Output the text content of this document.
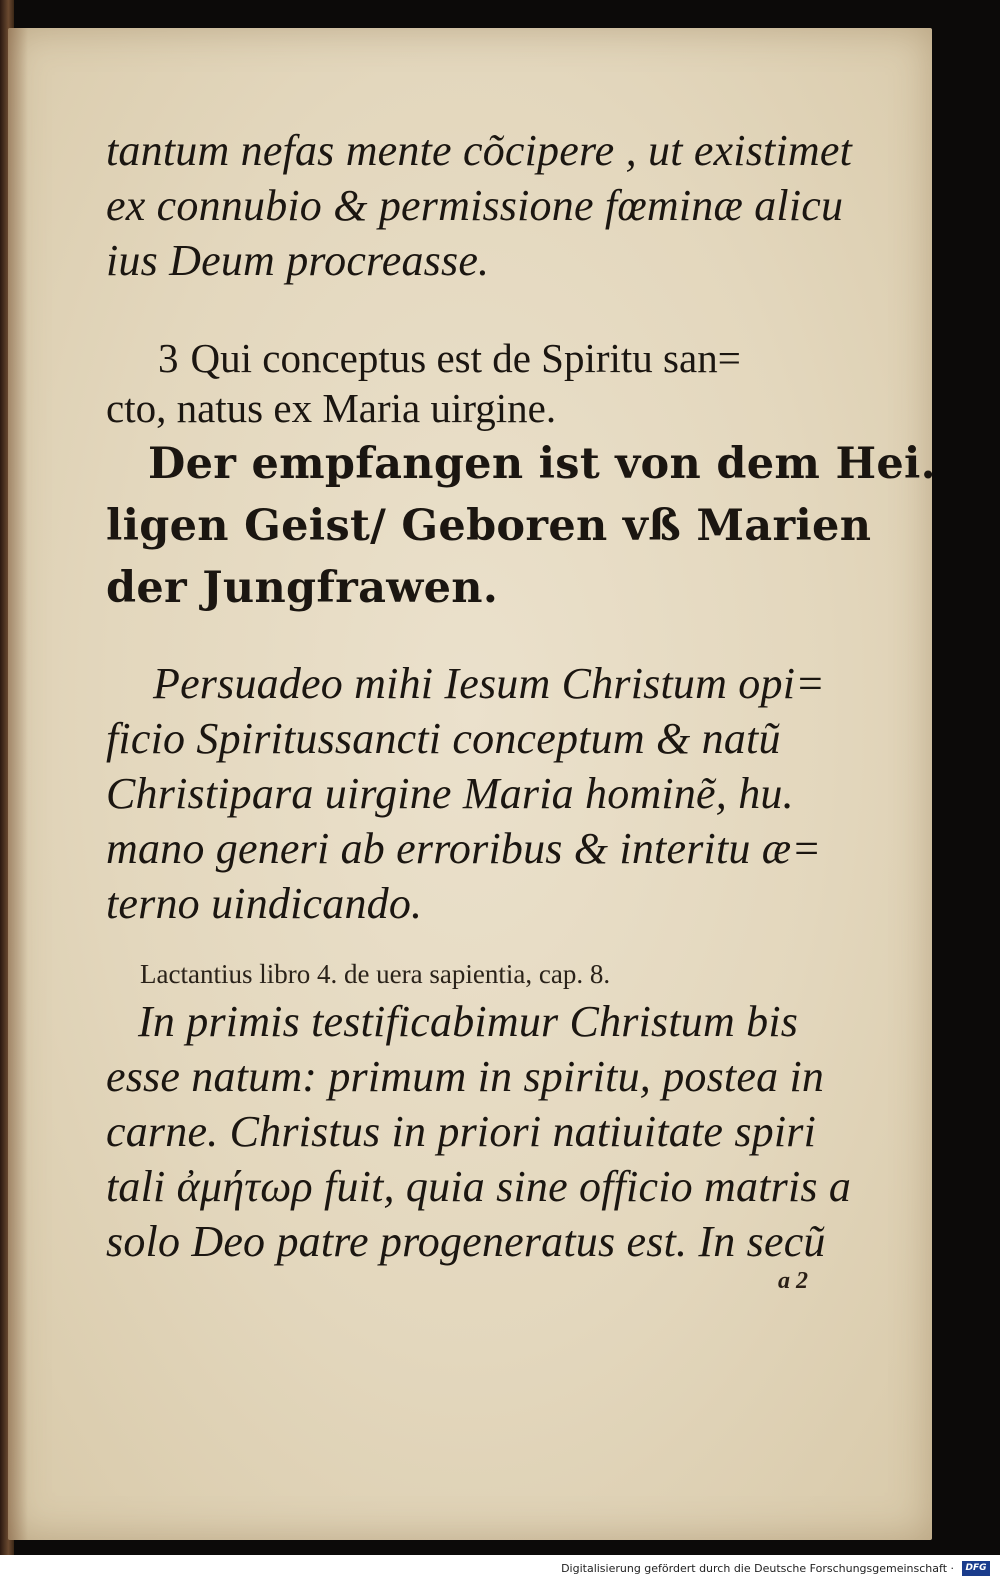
tantum nefas mente cõcipere , ut existimet
ex connubio & permissione fœminæ alicu
ius Deum procreasse.
3 Qui conceptus est de Spiritu san=
cto, natus ex Maria uirgine.
Der empfangen ist von dem Hei.
ligen Geist/ Geboren vß Marien
der Jungfrawen.
Persuadeo mihi Iesum Christum opi=
ficio Spiritussancti conceptum & natũ
Christipara uirgine Maria hominẽ, hu.
mano generi ab erroribus & interitu æ=
terno uindicando.
Lactantius libro 4. de uera sapientia, cap. 8.
In primis testificabimur Christum bis
esse natum: primum in spiritu, postea in
carne. Christus in priori natiuitate spiri
tali ἀμήτωρ fuit, quia sine officio matris a
solo Deo patre progeneratus est. In secũ
a 2
Digitalisierung gefördert durch die Deutsche Forschungsgemeinschaft ·	DFG
